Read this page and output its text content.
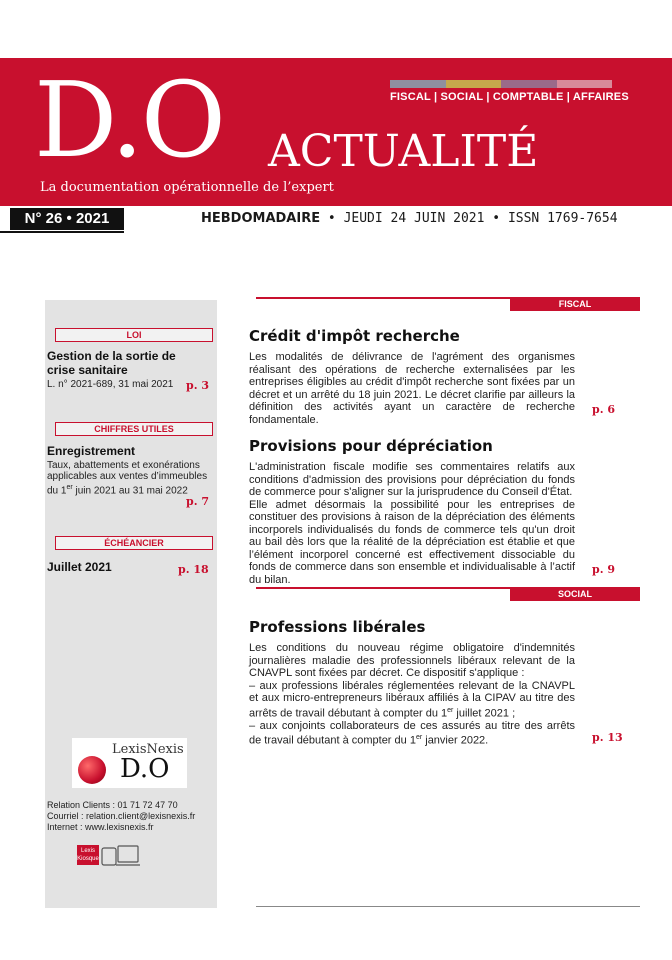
FISCAL | SOCIAL | COMPTABLE | AFFAIRES
D.O ACTUALITÉ
La documentation opérationnelle de l’expert
N° 26 • 2021	HEBDOMADAIRE • JEUDI 24 JUIN 2021 • ISSN 1769-7654
LOI
Gestion de la sortie de crise sanitaire
L. n° 2021-689, 31 mai 2021 p. 3
CHIFFRES UTILES
Enregistrement
Taux, abattements et exonérations applicables aux ventes d’immeubles du 1er juin 2021 au 31 mai 2022
p. 7
ÉCHÉANCIER
Juillet 2021	p. 18
LexisNexis
D.O
Relation Clients : 01 71 72 47 70
Courriel : relation.client@lexisnexis.fr
Internet : www.lexisnexis.fr
Lexis Kiosque
FISCAL
Crédit d'impôt recherche
Les modalités de délivrance de l'agrément des organismes réalisant des opérations de recherche externalisées par les entreprises éligibles au crédit d'impôt recherche sont fixées par un décret et un arrêté du 18 juin 2021. Le décret clarifie par ailleurs la définition des activités ayant un caractère de recherche fondamentale.
p. 6
Provisions pour dépréciation
L'administration fiscale modifie ses commentaires relatifs aux conditions d'admission des provisions pour dépréciation du fonds de commerce pour s'aligner sur la jurisprudence du Conseil d'État.
Elle admet désormais la possibilité pour les entreprises de constituer des provisions à raison de la dépréciation des éléments incorporels individualisés du fonds de commerce tels qu'un droit au bail dès lors que la réalité de la dépréciation est établie et que l’élément incorporel concerné est effectivement dissociable du fonds de commerce dans son ensemble et individualisable à l’actif du bilan.
p. 9
SOCIAL
Professions libérales
Les conditions du nouveau régime obligatoire d'indemnités journalières maladie des professionnels libéraux relevant de la CNAVPL sont fixées par décret. Ce dispositif s'applique :
– aux professions libérales réglementées relevant de la CNAVPL et aux micro-entrepreneurs libéraux affiliés à la CIPAV au titre des arrêts de travail débutant à compter du 1er juillet 2021 ;
– aux conjoints collaborateurs de ces assurés au titre des arrêts de travail débutant à compter du 1er janvier 2022.	p. 13
